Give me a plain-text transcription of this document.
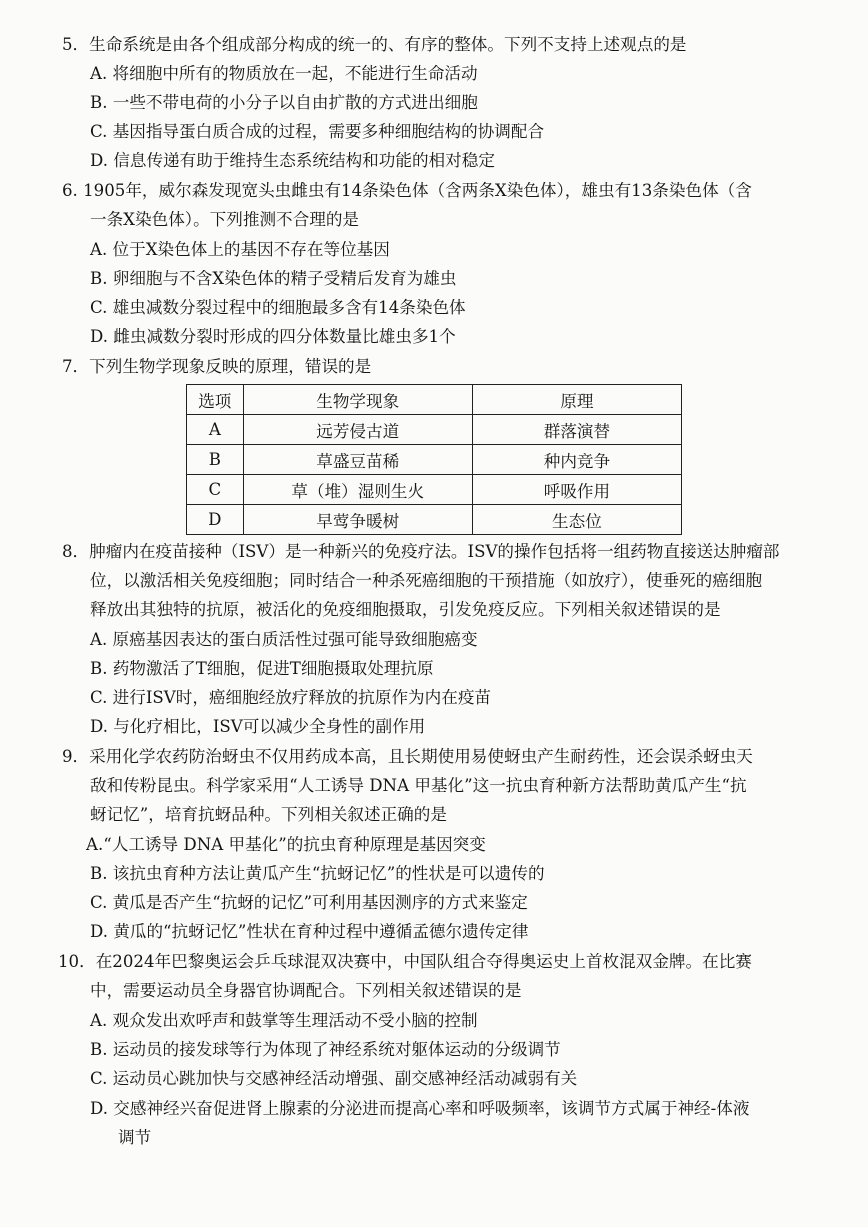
5．生命系统是由各个组成部分构成的统一的、有序的整体。下列不支持上述观点的是
A. 将细胞中所有的物质放在一起，不能进行生命活动
B. 一些不带电荷的小分子以自由扩散的方式进出细胞
C. 基因指导蛋白质合成的过程，需要多种细胞结构的协调配合
D. 信息传递有助于维持生态系统结构和功能的相对稳定
6. 1905年，威尔森发现宽头虫雌虫有14条染色体（含两条X染色体），雄虫有13条染色体（含
一条X染色体）。下列推测不合理的是
A. 位于X染色体上的基因不存在等位基因
B. 卵细胞与不含X染色体的精子受精后发育为雄虫
C. 雄虫减数分裂过程中的细胞最多含有14条染色体
D. 雌虫减数分裂时形成的四分体数量比雄虫多1个
7．下列生物学现象反映的原理，错误的是
选项	生物学现象	原理
A	远芳侵古道	群落演替
B	草盛豆苗稀	种内竞争
C	草（堆）湿则生火	呼吸作用
D	早莺争暖树	生态位
8．肿瘤内在疫苗接种（ISV）是一种新兴的免疫疗法。ISV的操作包括将一组药物直接送达肿瘤部
位，以激活相关免疫细胞；同时结合一种杀死癌细胞的干预措施（如放疗），使垂死的癌细胞
释放出其独特的抗原，被活化的免疫细胞摄取，引发免疫反应。下列相关叙述错误的是
A. 原癌基因表达的蛋白质活性过强可能导致细胞癌变
B. 药物激活了T细胞，促进T细胞摄取处理抗原
C. 进行ISV时，癌细胞经放疗释放的抗原作为内在疫苗
D. 与化疗相比，ISV可以减少全身性的副作用
9．采用化学农药防治蚜虫不仅用药成本高，且长期使用易使蚜虫产生耐药性，还会误杀蚜虫天
敌和传粉昆虫。科学家采用“人工诱导 DNA 甲基化”这一抗虫育种新方法帮助黄瓜产生“抗
蚜记忆”，培育抗蚜品种。下列相关叙述正确的是
A.“人工诱导 DNA 甲基化”的抗虫育种原理是基因突变
B. 该抗虫育种方法让黄瓜产生“抗蚜记忆”的性状是可以遗传的
C. 黄瓜是否产生“抗蚜的记忆”可利用基因测序的方式来鉴定
D. 黄瓜的“抗蚜记忆”性状在育种过程中遵循孟德尔遗传定律
10．在2024年巴黎奥运会乒乓球混双决赛中，中国队组合夺得奥运史上首枚混双金牌。在比赛
中，需要运动员全身器官协调配合。下列相关叙述错误的是
A. 观众发出欢呼声和鼓掌等生理活动不受小脑的控制
B. 运动员的接发球等行为体现了神经系统对躯体运动的分级调节
C. 运动员心跳加快与交感神经活动增强、副交感神经活动减弱有关
D. 交感神经兴奋促进肾上腺素的分泌进而提高心率和呼吸频率，该调节方式属于神经-体液
调节
